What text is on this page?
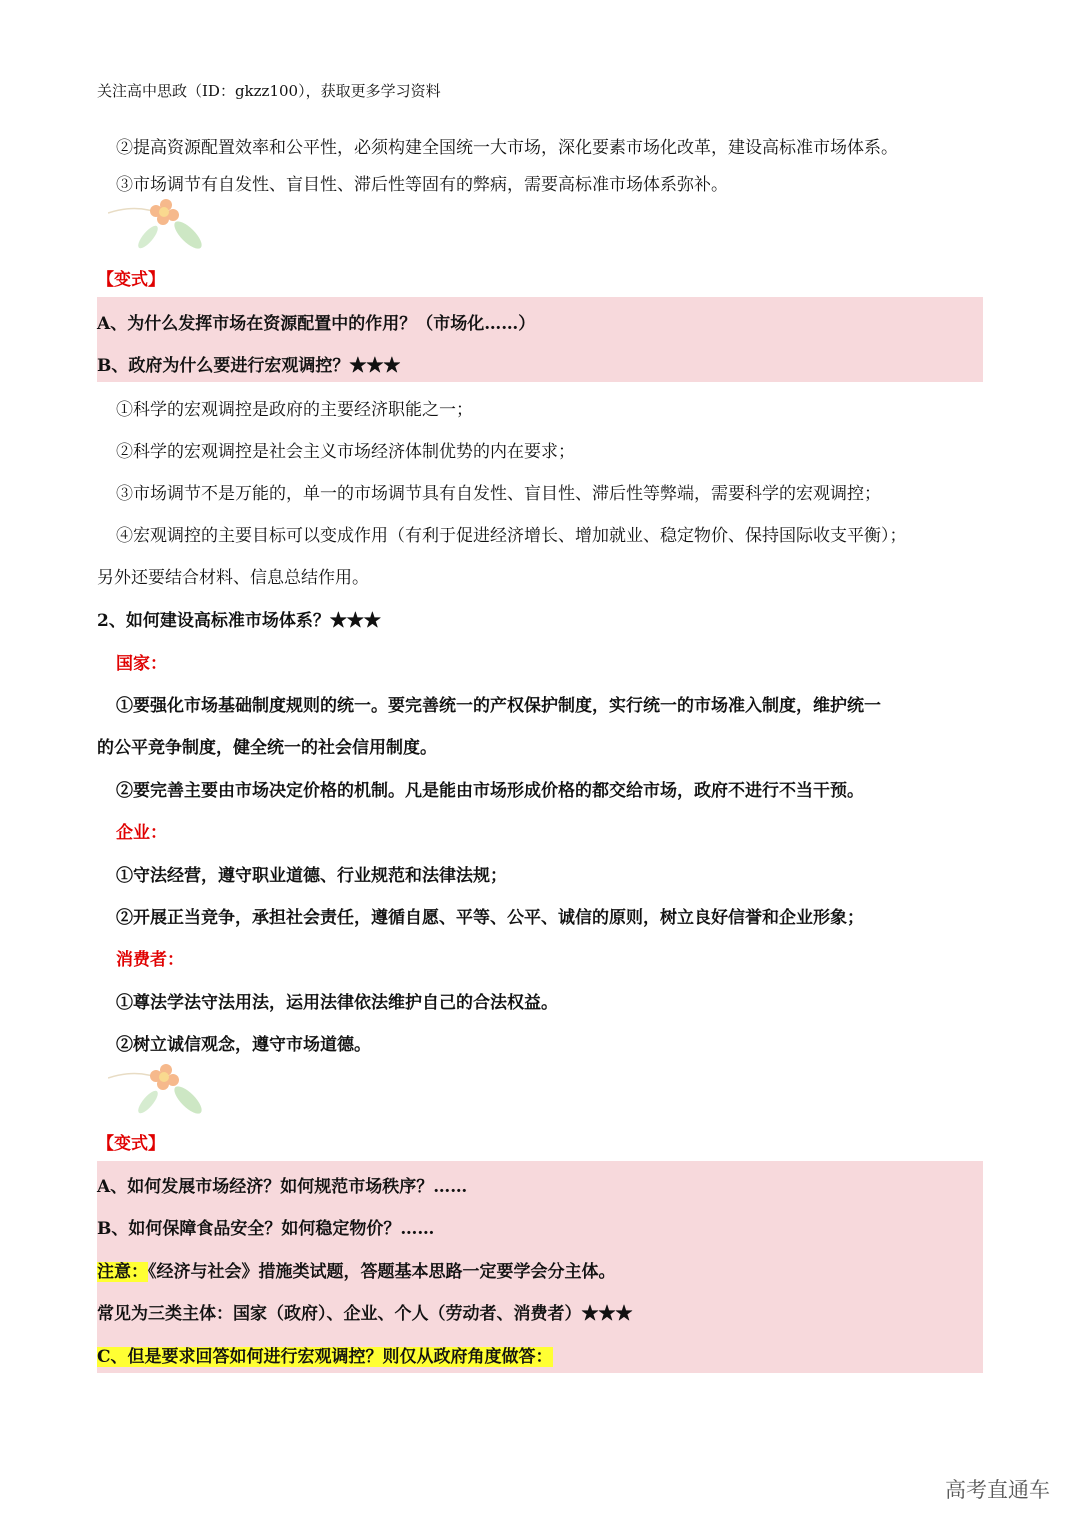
关注高中思政（ID：gkzz100），获取更多学习资料
②提高资源配置效率和公平性，必须构建全国统一大市场，深化要素市场化改革，建设高标准市场体系。
③市场调节有自发性、盲目性、滞后性等固有的弊病，需要高标准市场体系弥补。
【变式】
A、为什么发挥市场在资源配置中的作用？（市场化……）
B、政府为什么要进行宏观调控？★★★
①科学的宏观调控是政府的主要经济职能之一；
②科学的宏观调控是社会主义市场经济体制优势的内在要求；
③市场调节不是万能的，单一的市场调节具有自发性、盲目性、滞后性等弊端，需要科学的宏观调控；
④宏观调控的主要目标可以变成作用（有利于促进经济增长、增加就业、稳定物价、保持国际收支平衡）；
另外还要结合材料、信息总结作用。
2、如何建设高标准市场体系？★★★
国家：
①要强化市场基础制度规则的统一。要完善统一的产权保护制度，实行统一的市场准入制度，维护统一
的公平竞争制度，健全统一的社会信用制度。
②要完善主要由市场决定价格的机制。凡是能由市场形成价格的都交给市场，政府不进行不当干预。
企业：
①守法经营，遵守职业道德、行业规范和法律法规；
②开展正当竞争，承担社会责任，遵循自愿、平等、公平、诚信的原则，树立良好信誉和企业形象；
消费者：
①尊法学法守法用法，运用法律依法维护自己的合法权益。
②树立诚信观念，遵守市场道德。
【变式】
A、如何发展市场经济？如何规范市场秩序？……
B、如何保障食品安全？如何稳定物价？……
注意：《经济与社会》措施类试题，答题基本思路一定要学会分主体。
常见为三类主体：国家（政府）、企业、个人（劳动者、消费者）★★★
C、但是要求回答如何进行宏观调控？则仅从政府角度做答：
高考直通车
